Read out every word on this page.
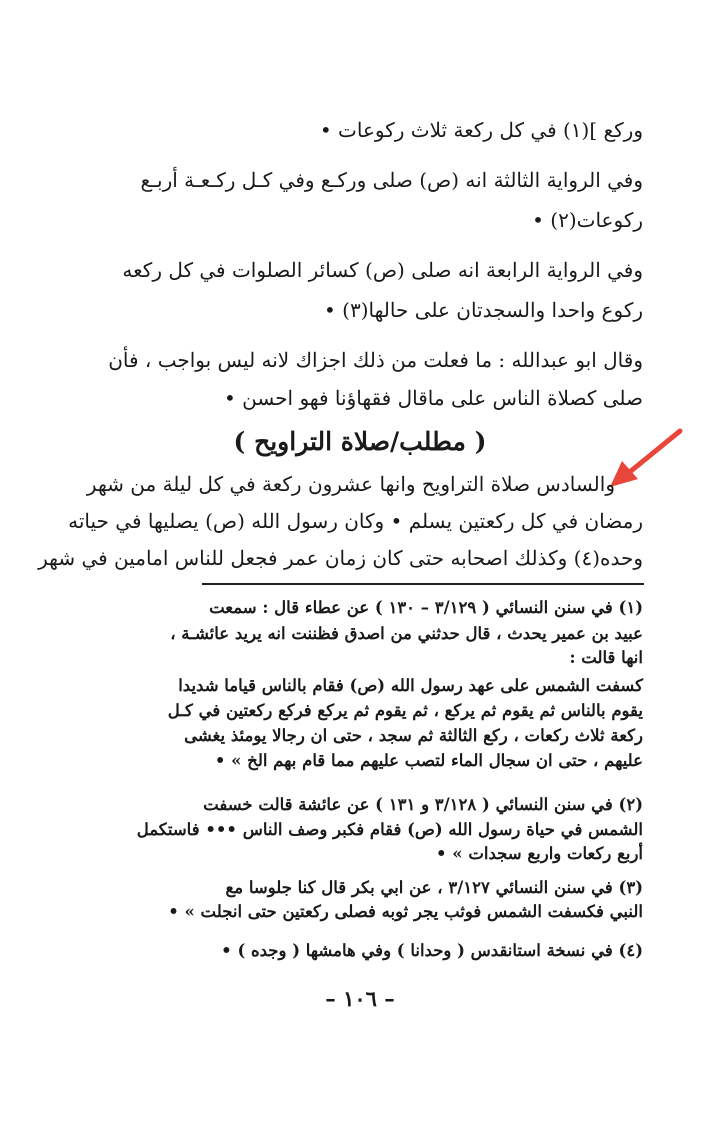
وركع ](١) في كل ركعة ثلاث ركوعات •
وفي الرواية الثالثة انه (ص) صلى وركـع وفي كـل ركـعـة أربـع
ركوعات(٢) •
وفي الرواية الرابعة انه صلى (ص) كسائر الصلوات في كل ركعه
ركوع واحدا والسجدتان على حالها(٣) •
وقال ابو عبدالله : ما فعلت من ذلك اجزاك لانه ليس بواجب ، فأن
صلى كصلاة الناس على ماقال فقهاؤنا فهو احسن •
( مطلب/صلاة التراويح )
والسادس صلاة التراويح وانها عشرون ركعة في كل ليلة من شهر
رمضان في كل ركعتين يسلم • وكان رسول الله (ص) يصليها في حياته
وحده(٤) وكذلك اصحابه حتى كان زمان عمر فجعل للناس امامين في شهر
(١) في سنن النسائي ( ٣/١٢٩ – ١٣٠ ) عن عطاء قال : سمعت
عبيد بن عمير يحدث ، قال حدثني من اصدق فظننت انه يريد عائشـة ،
انها قالت :
كسفت الشمس على عهد رسول الله (ص) فقام بالناس قياما شديدا
يقوم بالناس ثم يقوم ثم يركع ، ثم يقوم ثم يركع فركع ركعتين في كـل
ركعة ثلاث ركعات ، ركع الثالثة ثم سجد ، حتى ان رجالا يومئذ يغشى
عليهم ، حتى ان سجال الماء لتصب عليهم مما قام بهم الخ » •
(٢) في سنن النسائي ( ٣/١٢٨ و ١٣١ ) عن عائشة قالت خسفت
الشمس في حياة رسول الله (ص) فقام فكبر وصف الناس ••• فاستكمل
أربع ركعات واربع سجدات » •
(٣) في سنن النسائي ٣/١٢٧ ، عن ابي بكر قال كنا جلوسا مع
النبي فكسفت الشمس فوثب يجر ثوبه فصلى ركعتين حتى انجلت » •
(٤) في نسخة استانقدس ( وحدانا ) وفي هامشها ( وجده ) •
– ١٠٦ –
